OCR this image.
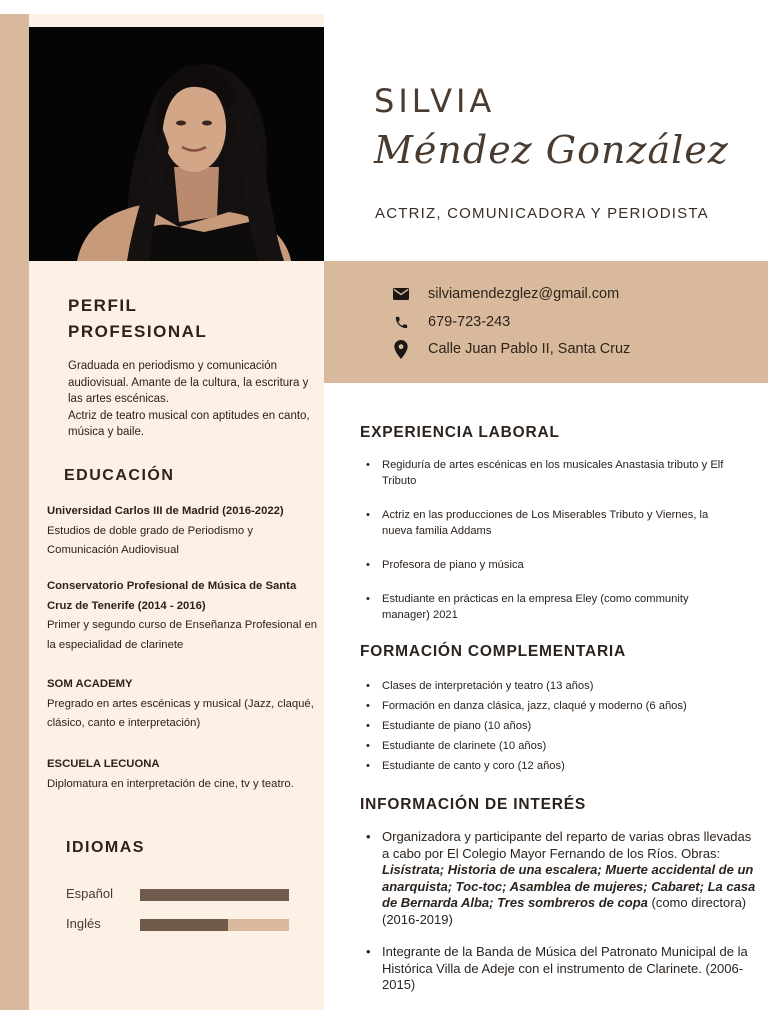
SILVIA
Méndez González
ACTRIZ, COMUNICADORA Y PERIODISTA
silviamendezglez@gmail.com
679-723-243
Calle Juan Pablo II, Santa Cruz
PERFIL
PROFESIONAL
Graduada en periodismo y comunicación audiovisual. Amante de la cultura, la escritura y las artes escénicas.
Actriz de teatro musical con aptitudes en canto, música y baile.
EDUCACIÓN
Universidad Carlos III de Madrid (2016-2022)
Estudios de doble grado de Periodismo y Comunicación Audiovisual
Conservatorio Profesional de Música de Santa Cruz de Tenerife (2014 - 2016)
Primer y segundo curso de Enseñanza Profesional en la especialidad de clarinete
SOM ACADEMY
Pregrado en artes escénicas y musical (Jazz, claqué, clásico, canto e interpretación)
ESCUELA LECUONA
Diplomatura en interpretación de cine, tv y teatro.
IDIOMAS
Español
Inglés
EXPERIENCIA LABORAL
• Regiduría de artes escénicas en los musicales Anastasia tributo y Elf Tributo
• Actriz en las producciones de Los Miserables Tributo y Viernes, la nueva familia Addams
• Profesora de piano y música
• Estudiante en prácticas en la empresa Eley (como community manager) 2021
FORMACIÓN COMPLEMENTARIA
• Clases de interpretación y teatro (13 años)
• Formación en danza clásica, jazz, claqué y moderno (6 años)
• Estudiante de piano (10 años)
• Estudiante de clarinete (10 años)
• Estudiante de canto y coro (12 años)
INFORMACIÓN DE INTERÉS
• Organizadora y participante del reparto de varias obras llevadas a cabo por El Colegio Mayor Fernando de los Ríos. Obras: Lisístrata; Historia de una escalera; Muerte accidental de un anarquista; Toc-toc; Asamblea de mujeres; Cabaret; La casa de Bernarda Alba; Tres sombreros de copa (como directora) (2016-2019)
• Integrante de la Banda de Música del Patronato Municipal de la Histórica Villa de Adeje con el instrumento de Clarinete. (2006-2015)
